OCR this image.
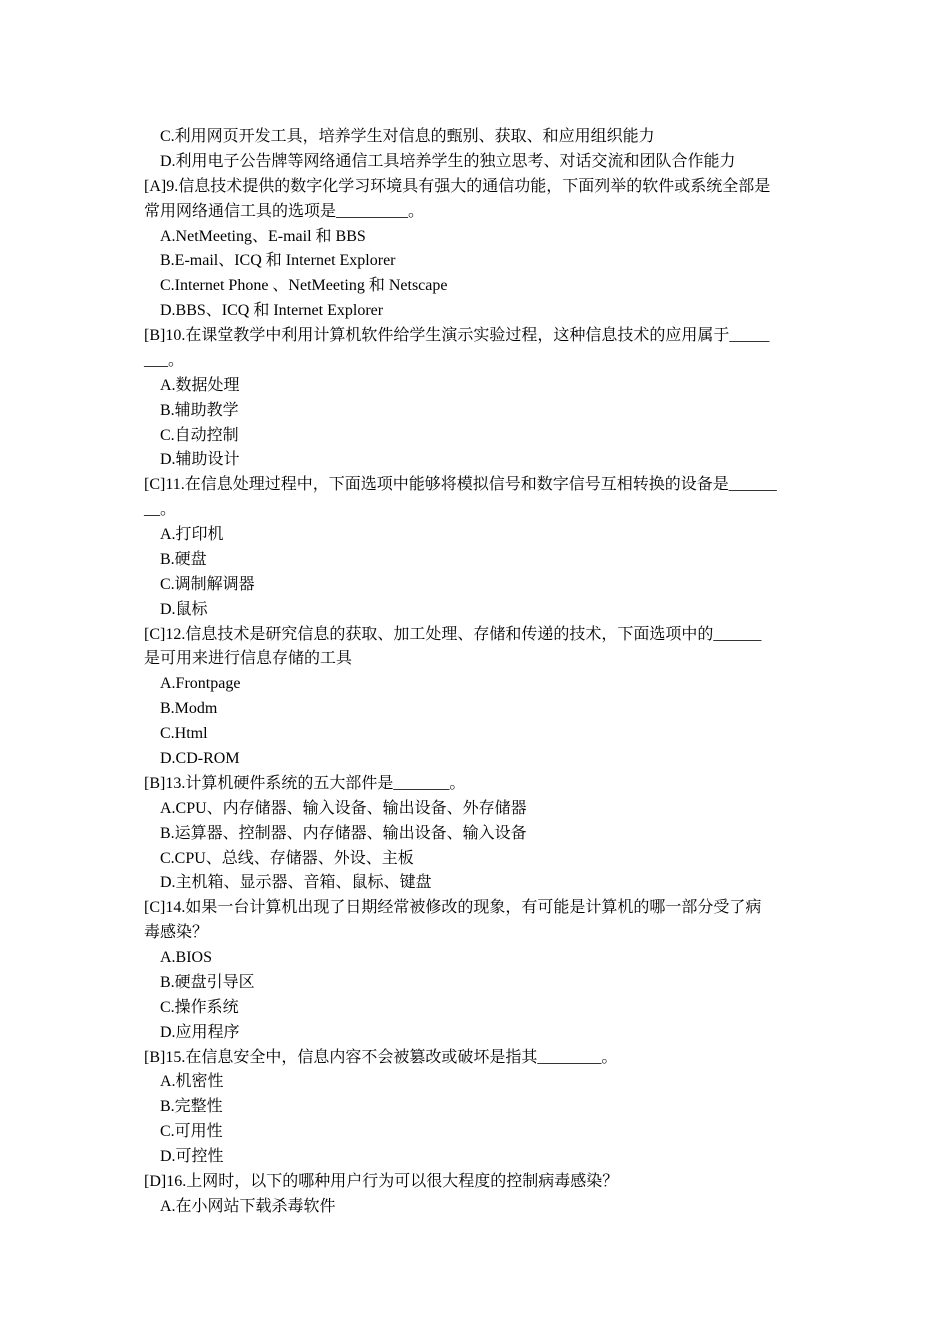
C.利用网页开发工具，培养学生对信息的甄别、获取、和应用组织能力
D.利用电子公告牌等网络通信工具培养学生的独立思考、对话交流和团队合作能力
[A]9.信息技术提供的数字化学习环境具有强大的通信功能，下面列举的软件或系统全部是
常用网络通信工具的选项是_________。
A.NetMeeting、E-mail 和 BBS
B.E-mail、ICQ 和 Internet Explorer
C.Internet Phone 、NetMeeting 和 Netscape
D.BBS、ICQ 和 Internet Explorer
[B]10.在课堂教学中利用计算机软件给学生演示实验过程，这种信息技术的应用属于_____
___。
A.数据处理
B.辅助教学
C.自动控制
D.辅助设计
[C]11.在信息处理过程中，下面选项中能够将模拟信号和数字信号互相转换的设备是______
__。
A.打印机
B.硬盘
C.调制解调器
D.鼠标
[C]12.信息技术是研究信息的获取、加工处理、存储和传递的技术，下面选项中的______
是可用来进行信息存储的工具
A.Frontpage
B.Modm
C.Html
D.CD-ROM
[B]13.计算机硬件系统的五大部件是_______。
A.CPU、内存储器、输入设备、输出设备、外存储器
B.运算器、控制器、内存储器、输出设备、输入设备
C.CPU、总线、存储器、外设、主板
D.主机箱、显示器、音箱、鼠标、键盘
[C]14.如果一台计算机出现了日期经常被修改的现象，有可能是计算机的哪一部分受了病
毒感染？
A.BIOS
B.硬盘引导区
C.操作系统
D.应用程序
[B]15.在信息安全中，信息内容不会被篡改或破坏是指其________。
A.机密性
B.完整性
C.可用性
D.可控性
[D]16.上网时，以下的哪种用户行为可以很大程度的控制病毒感染？
A.在小网站下载杀毒软件
